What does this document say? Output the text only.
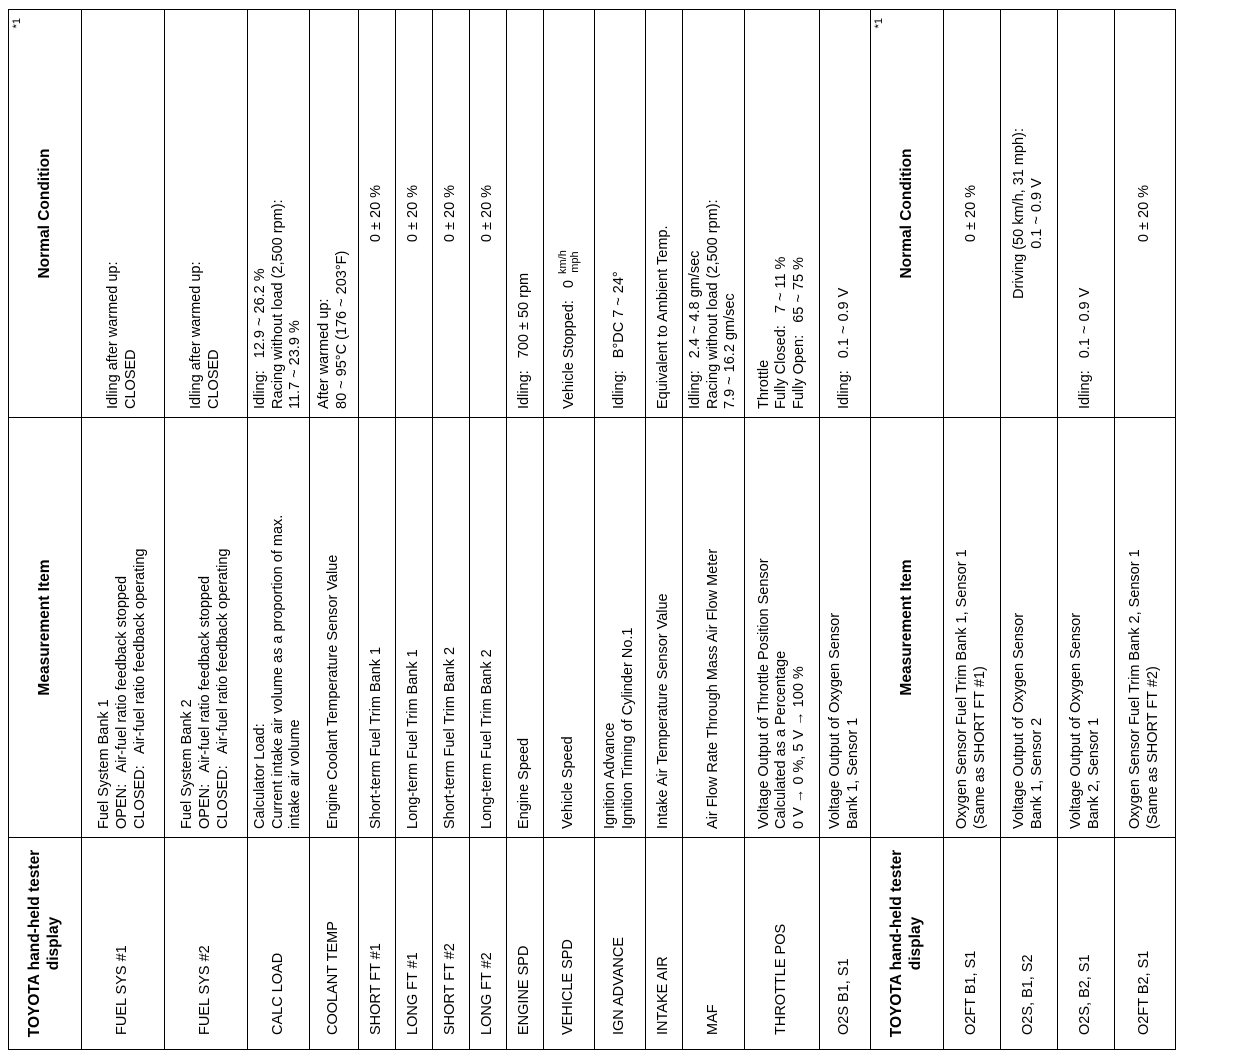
TOYOTA hand-held tester display	Measurement Item	Normal Condition
*1

FUEL SYS #1	Fuel System Bank 1 OPEN:   Air-fuel ratio feedback stopped CLOSED:   Air-fuel ratio feedback operating	Idling after warmed up: CLOSED

FUEL SYS #2	Fuel System Bank 2 OPEN:   Air-fuel ratio feedback stopped CLOSED:   Air-fuel ratio feedback operating	Idling after warmed up: CLOSED

CALC LOAD	Calculator Load: Current intake air volume as a proportion of max. intake air volume	Idling:   12.9 ~ 26.2 % Racing without load (2,500 rpm): 11.7 ~ 23.9 %

COOLANT TEMP	Engine Coolant Temperature Sensor Value	After warmed up: 80 ~ 95°C (176 ~ 203°F)

SHORT FT #1	Short-term Fuel Trim Bank 1	0 ± 20 %

LONG FT #1	Long-term Fuel Trim Bank 1	0 ± 20 %

SHORT FT #2	Short-term Fuel Trim Bank 2	0 ± 20 %

LONG FT #2	Long-term Fuel Trim Bank 2	0 ± 20 %

ENGINE SPD	Engine Speed	Idling:   700 ± 50 rpm

VEHICLE SPD	Vehicle Speed	Vehicle Stopped:   0
km/h mph

IGN ADVANCE	Ignition Advance Ignition Timing of Cylinder No.1	Idling:   B°DC 7 ~ 24°

INTAKE AIR	Intake Air Temperature Sensor Value	Equivalent to Ambient Temp.

MAF	Air Flow Rate Through Mass Air Flow Meter	Idling:   2.4 ~ 4.8 gm/sec Racing without load (2,500 rpm): 7.9 ~ 16.2 gm/sec

THROTTLE POS	Voltage Output of Throttle Position Sensor Calculated as a Percentage 0 V → 0 %, 5 V → 100 %	Throttle Fully Closed:   7 ~ 11 % Fully Open:   65 ~ 75 %

O2S B1, S1	Voltage Output of Oxygen Sensor Bank 1, Sensor 1	Idling:   0.1 ~ 0.9 V

TOYOTA hand-held tester display	Measurement Item	Normal Condition
*1

O2FT B1, S1	Oxygen Sensor Fuel Trim Bank 1, Sensor 1 (Same as SHORT FT #1)	0 ± 20 %

O2S, B1, S2	Voltage Output of Oxygen Sensor Bank 1, Sensor 2	Driving (50 km/h, 31 mph): 0.1 ~ 0.9 V

O2S, B2, S1	Voltage Output of Oxygen Sensor Bank 2, Sensor 1	Idling:   0.1 ~ 0.9 V

O2FT B2, S1	Oxygen Sensor Fuel Trim Bank 2, Sensor 1 (Same as SHORT FT #2)	0 ± 20 %
